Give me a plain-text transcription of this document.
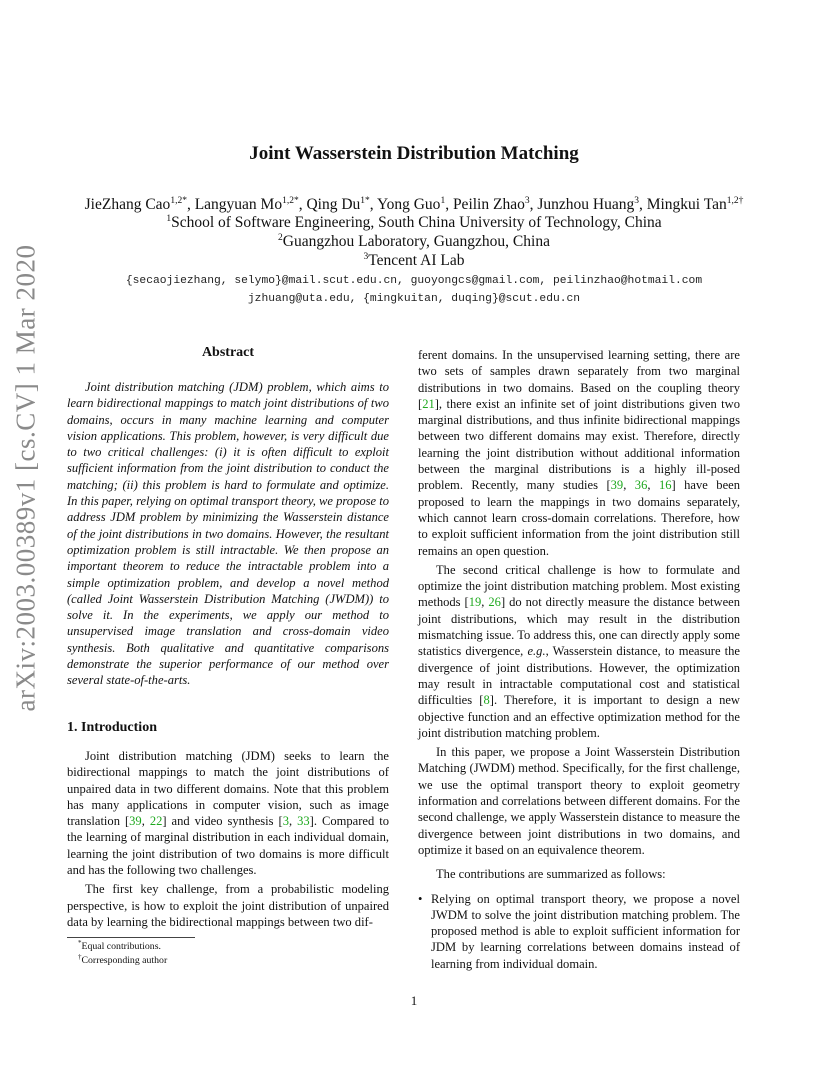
arXiv:2003.00389v1 [cs.CV] 1 Mar 2020
Joint Wasserstein Distribution Matching
JieZhang Cao$^{1,2*}$, Langyuan $Mo^{1,2*}$, Qing $Du^{1*}$, Yong Guo$^1$, Peilin Zhao$^3$, Junzhou Huang$^3$, Mingkui Tan$^{1,2\dagger}$
$^1$School of Software Engineering, South China University of Technology, China
$^2$Guangzhou Laboratory, Guangzhou, China
$^3$Tencent AI Lab
{secaojiezhang, selymo}@mail.scut.edu.cn, guoyongcs@gmail.com, peilinzhao@hotmail.com
jzhuang@uta.edu, {mingkuitan, duqing}@scut.edu.cn
Abstract

Joint distribution matching (JDM) problem, which aims to learn bidirectional mappings to match joint distributions of two domains, occurs in many machine learning and computer vision applications. This problem, however, is very difficult due to two critical challenges: (i) it is often difficult to exploit sufficient information from the joint distribution to conduct the matching; (ii) this problem is hard to formulate and optimize. In this paper, relying on optimal transport theory, we propose to address JDM problem by minimizing the Wasserstein distance of the joint distributions in two domains. However, the resultant optimization problem is still intractable. We then propose an important theorem to reduce the intractable problem into a simple optimization problem, and develop a novel method (called Joint Wasserstein Distribution Matching (JWDM)) to solve it. In the experiments, we apply our method to unsupervised image translation and cross-domain video synthesis. Both qualitative and quantitative comparisons demonstrate the superior performance of our method over several state-of-the-arts.

1. Introduction

Joint distribution matching (JDM) seeks to learn the bidirectional mappings to match the joint distributions of unpaired data in two different domains. Note that this problem has many applications in computer vision, such as image translation [39, 22] and video synthesis [3, 33]. Compared to the learning of marginal distribution in each individual domain, learning the joint distribution of two domains is more difficult and has the following two challenges.

The first key challenge, from a probabilistic modeling perspective, is how to exploit the joint distribution of unpaired data by learning the bidirectional mappings between two dif-

ferent domains. In the unsupervised learning setting, there are two sets of samples drawn separately from two marginal distributions in two domains. Based on the coupling theory [21], there exist an infinite set of joint distributions given two marginal distributions, and thus infinite bidirectional mappings between two different domains may exist. Therefore, directly learning the joint distribution without additional information between the marginal distributions is a highly ill-posed problem. Recently, many studies [39, 36, 16] have been proposed to learn the mappings in two domains separately, which cannot learn cross-domain correlations. Therefore, how to exploit sufficient information from the joint distribution still remains an open question.

The second critical challenge is how to formulate and optimize the joint distribution matching problem. Most existing methods [19, 26] do not directly measure the distance between joint distributions, which may result in the distribution mismatching issue. To address this, one can directly apply some statistics divergence, e.g., Wasserstein distance, to measure the divergence of joint distributions. However, the optimization may result in intractable computational cost and statistical difficulties [8]. Therefore, it is important to design a new objective function and an effective optimization method for the joint distribution matching problem.

In this paper, we propose a Joint Wasserstein Distribution Matching (JWDM) method. Specifically, for the first challenge, we use the optimal transport theory to exploit geometry information and correlations between different domains. For the second challenge, we apply Wasserstein distance to measure the divergence between joint distributions in two domains, and optimize it based on an equivalence theorem.

The contributions are summarized as follows:

• Relying on optimal transport theory, we propose a novel JWDM to solve the joint distribution matching problem. The proposed method is able to exploit sufficient information for JDM by learning correlations between domains instead of learning from individual domain.
*Equal contributions.
†Corresponding author
1
